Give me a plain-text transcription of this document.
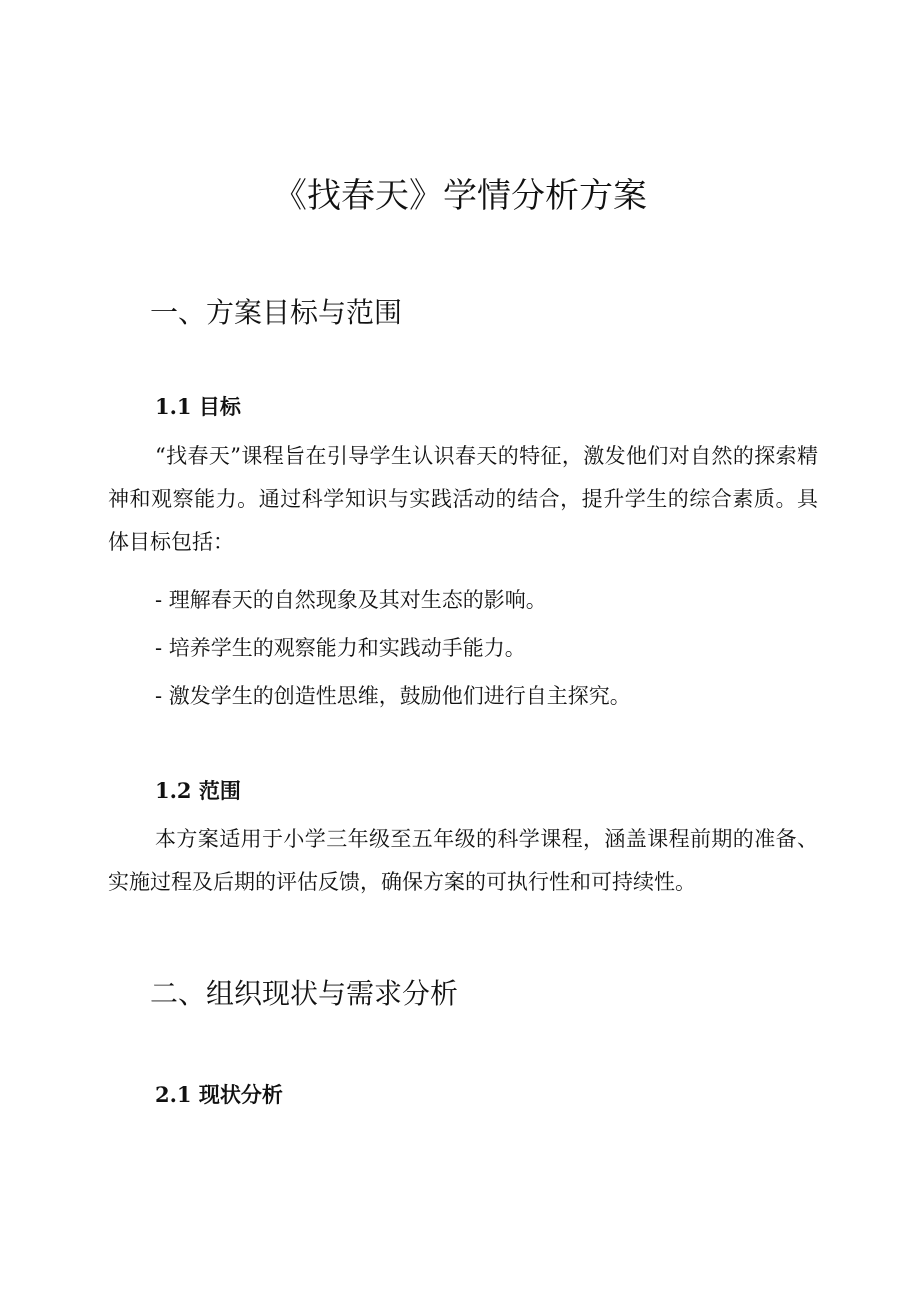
《找春天》学情分析方案
一、方案目标与范围
1.1 目标

“找春天”课程旨在引导学生认识春天的特征，激发他们对自然的探索精神和观察能力。通过科学知识与实践活动的结合，提升学生的综合素质。具体目标包括：

- 理解春天的自然现象及其对生态的影响。

- 培养学生的观察能力和实践动手能力。

- 激发学生的创造性思维，鼓励他们进行自主探究。

1.2 范围

本方案适用于小学三年级至五年级的科学课程，涵盖课程前期的准备、实施过程及后期的评估反馈，确保方案的可执行性和可持续性。

二、组织现状与需求分析
2.1 现状分析
